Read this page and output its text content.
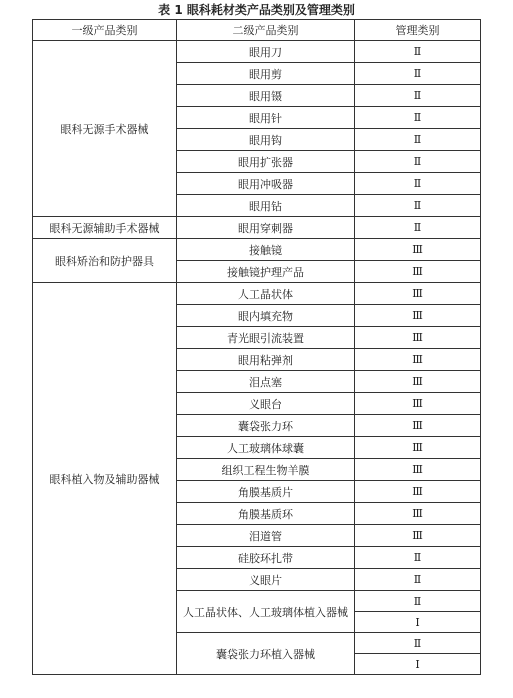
表 1 眼科耗材类产品类别及管理类别
一级产品类别	二级产品类别	管理类别
眼科无源手术器械	眼用刀	Ⅱ
	眼用剪	Ⅱ
	眼用镊	Ⅱ
	眼用针	Ⅱ
	眼用钩	Ⅱ
	眼用扩张器	Ⅱ
	眼用冲吸器	Ⅱ
	眼用钻	Ⅱ
眼科无源辅助手术器械	眼用穿刺器	Ⅱ
眼科矫治和防护器具	接触镜	Ⅲ
	接触镜护理产品	Ⅲ
眼科植入物及辅助器械	人工晶状体	Ⅲ
	眼内填充物	Ⅲ
	青光眼引流装置	Ⅲ
	眼用粘弹剂	Ⅲ
	泪点塞	Ⅲ
	义眼台	Ⅲ
	囊袋张力环	Ⅲ
	人工玻璃体球囊	Ⅲ
	组织工程生物羊膜	Ⅲ
	角膜基质片	Ⅲ
	角膜基质环	Ⅲ
	泪道管	Ⅲ
	硅胶环扎带	Ⅱ
	义眼片	Ⅱ
	人工晶状体、人工玻璃体植入器械	Ⅱ
		Ⅰ
	囊袋张力环植入器械	Ⅱ
		Ⅰ
